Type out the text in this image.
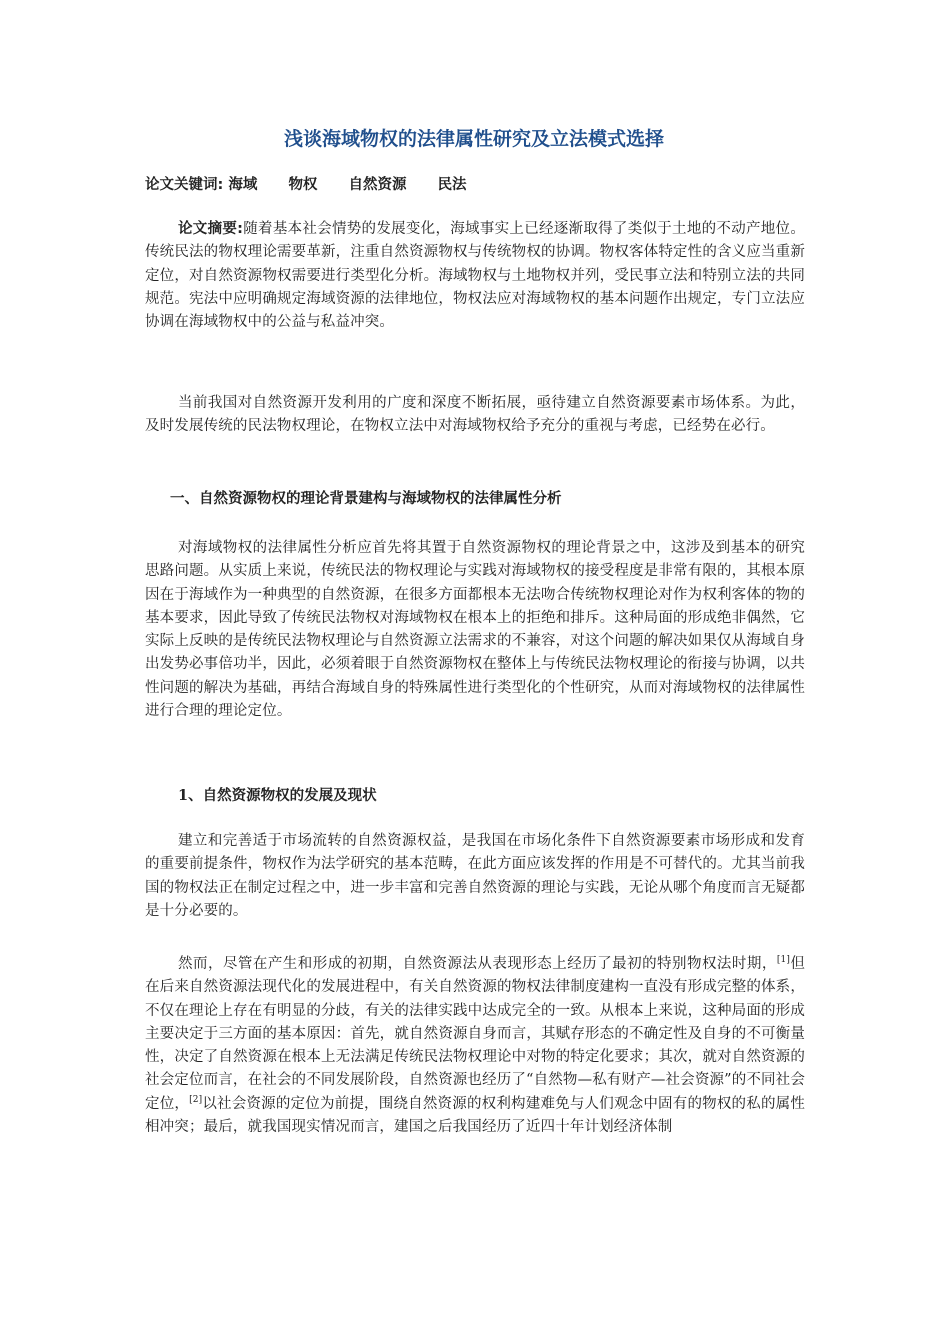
浅谈海域物权的法律属性研究及立法模式选择
论文关键词: 海域 物权 自然资源 民法

论文摘要:随着基本社会情势的发展变化，海域事实上已经逐渐取得了类似于土地的不动产地位。传统民法的物权理论需要革新，注重自然资源物权与传统物权的协调。物权客体特定性的含义应当重新定位，对自然资源物权需要进行类型化分析。海域物权与土地物权并列，受民事立法和特别立法的共同规范。宪法中应明确规定海域资源的法律地位，物权法应对海域物权的基本问题作出规定，专门立法应协调在海域物权中的公益与私益冲突。

当前我国对自然资源开发利用的广度和深度不断拓展，亟待建立自然资源要素市场体系。为此，及时发展传统的民法物权理论，在物权立法中对海域物权给予充分的重视与考虑，已经势在必行。

一、自然资源物权的理论背景建构与海域物权的法律属性分析

对海域物权的法律属性分析应首先将其置于自然资源物权的理论背景之中，这涉及到基本的研究思路问题。从实质上来说，传统民法的物权理论与实践对海域物权的接受程度是非常有限的，其根本原因在于海域作为一种典型的自然资源，在很多方面都根本无法吻合传统物权理论对作为权利客体的物的基本要求，因此导致了传统民法物权对海域物权在根本上的拒绝和排斥。这种局面的形成绝非偶然，它实际上反映的是传统民法物权理论与自然资源立法需求的不兼容，对这个问题的解决如果仅从海域自身出发势必事倍功半，因此，必须着眼于自然资源物权在整体上与传统民法物权理论的衔接与协调，以共性问题的解决为基础，再结合海域自身的特殊属性进行类型化的个性研究，从而对海域物权的法律属性进行合理的理论定位。

1、自然资源物权的发展及现状

建立和完善适于市场流转的自然资源权益，是我国在市场化条件下自然资源要素市场形成和发育的重要前提条件，物权作为法学研究的基本范畴，在此方面应该发挥的作用是不可替代的。尤其当前我国的物权法正在制定过程之中，进一步丰富和完善自然资源的理论与实践，无论从哪个角度而言无疑都是十分必要的。

然而，尽管在产生和形成的初期，自然资源法从表现形态上经历了最初的特别物权法时期，[1]但在后来自然资源法现代化的发展进程中，有关自然资源的物权法律制度建构一直没有形成完整的体系，不仅在理论上存在有明显的分歧，有关的法律实践中达成完全的一致。从根本上来说，这种局面的形成主要决定于三方面的基本原因：首先，就自然资源自身而言，其赋存形态的不确定性及自身的不可衡量性，决定了自然资源在根本上无法满足传统民法物权理论中对物的特定化要求；其次，就对自然资源的社会定位而言，在社会的不同发展阶段，自然资源也经历了“自然物—私有财产—社会资源”的不同社会定位，[2]以社会资源的定位为前提，围绕自然资源的权利构建难免与人们观念中固有的物权的私的属性相冲突；最后，就我国现实情况而言，建国之后我国经历了近四十年计划经济体制
